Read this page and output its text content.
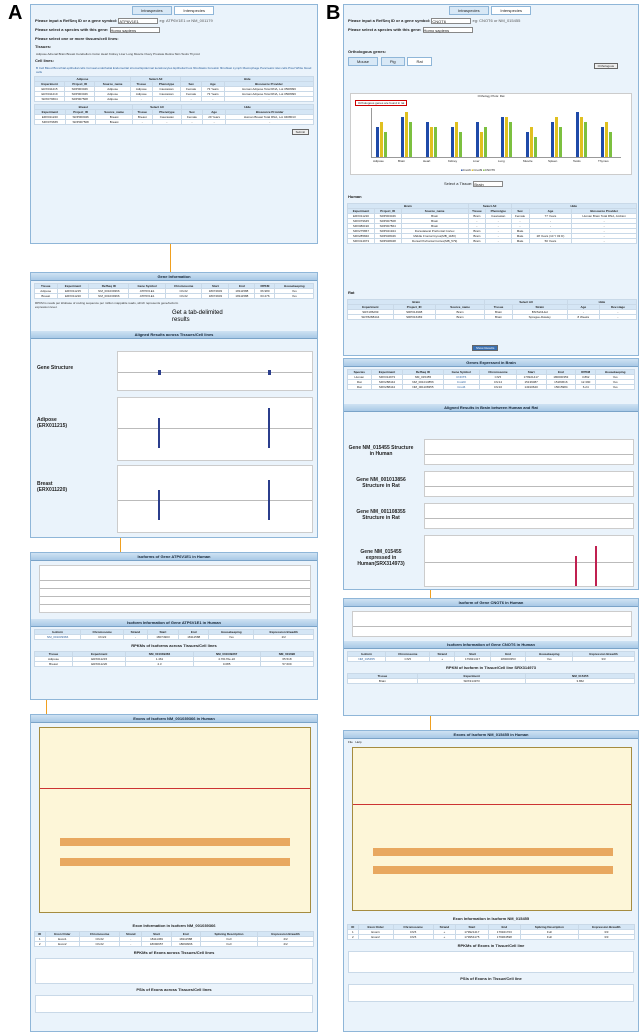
A	B
Intraspecies	Interspecies
Please input a RefSeq ID or a gene symbol: ATP6V1E1	eg: ATP6V1E1 or NM_001179
Please select a species with this gene: Homo sapiens
Please select one or more tissues/cell lines:
Tissues:
Adipose Adrenal Brain Breast Cerebellum Colon Heart Kidney Liver Lung Muscle Ovary Prostate Retina Skin Testis Thyroid
Cell lines:
B Cell Blood Bronchial epithelial cells Corneal endothelial Endometrial stromal Epidermal keratinocytes Epithelial Foot fibroblasts Foreskin fibroblast Lymph Macrophage Pancreatic islet cells Pixel White blood cells
Adipose			Select All		Hide		
Experiment	Project_ID	Source_name	Tissue	Phenotype	Sex	Age	Biosource Provider
ERX011215	SRP003046	Adipose	Adipose	Caucasian	Female	73 Years	Human Adipose Total RNA, Lot 0508096
ERX011219	SRP003046	Adipose	Adipose	Caucasian	Female	73 Years	Human Adipose Total RNA, Lot 0508096
SRX079664	SRP007508	Adipose	-	-	-	-	-
Breast			Select All		Hide		
Experiment	Project_ID	Source_name	Tissue	Phenotype	Sex	Age	Biosource Provider
ERX011220	SRP003046	Breast	Breast	Caucasian	Female	29 Years	Human Breast Total RNA, Lot 0408013
SRX079665	SRP007508	Breast	-	-	-	-	-
Submit
Gene Information
Tissue	Experiment	RefSeq ID	Gene Symbol	Chromosome	Start	End	RPKM	Housekeeping
Adipose	ERX011215	NM_001039366	ATP6V1E1	Chr22	18074903	18111588	66.980	Yes
Breast	ERX011220	NM_001039366	ATP6V1E1	Chr22	18074903	18111588	63.276	Yes
RPKM is reads per kilobase of coding sequence per million mappable reads, which represents gene/isoform expression level.
Aligned Results across Tissues/Cell lines
Gene Structure
Adipose (ERX011215)
Breast (ERX011220)
Get a tab-delimited results
Isoforms of Gene ATP6V1E1 in Human
Isoform Information of Gene ATP6V1E1 in Human
Isoform	Chromosome	Strand	Start	End	Housekeeping	Expression Breadth
NM_001039366	Chr22	-	18074903	18111588	Yes	2/2
RPKMs of Isoforms across Tissues/Cell lines
Tissue	Experiment	NM_001039366	NM_001039367	NM_001696
Adipose	ERX011215	1.461	4.70170e-22	65.518
Breast	ERX011220	4.3	0.085	57.609
Exons of Isoform NM_001039366 in Human
Exon Information in Isoform NM_001039366
ID	Exon Order	Chromosome	Strand	Start	End	Splicing Description	Expression Breadth
1	Exon1	Chr22	-	18111369	18111588	Full	2/2
2	Exon2	Chr22	-	18090957	18090966	Full	2/2
RPKMs of Exons across Tissues/Cell lines
PSIs of Exons across Tissues/Cell lines
Intraspecies	Interspecies
Please input a RefSeq ID or a gene symbol: CNOT6	eg: CNOT6 or NM_015455
Please select a species with this gene: Homo sapiens
Orthologous
Orthologous genes:
Mouse	Pig	Rat
Orthology Plots: Rat
Orthologous genes are found in rat
Adipose	Brain	Heart	Kidney	Liver	Lung	Muscle	Spleen	Testis	Thymus
■Cnot6 ■Cnot6l ■CNOT6
Select a Tissue: Brain
Human
Brain			Select All		Hide		
Experiment	Project_ID	Source_name	Tissue	Phenotype	Sex	Age	Biosource Provider
ERX011220	SRP003046	Brain	Brain	Caucasian	Female	77 Years	Human Brain Total RNA, Ambion
SRX079645	SRP007508	Brain	-	-	-	-	-
SRX080190	SRP007864	Brain	-	-	-	-	-
SRX275867	SRP021924	Dorsolateral Prefrontal Cortex	Brain	-	Male	-	-
SRX285840	SRP028046	Middle Frontal Gyrus(MB_1180)	Brain	-	Male	28 Years (10 Y 03 D)	-
SRX314973	SRP028048	Dorsal Prefrontal Cortex(MB_579)	Brain	-	Male	50 Years	-
Rat
Brain			Select All		Hide	
Experiment	Project_ID	Source_name	Tissue	Strain	Age	Dev.stage
SRX186299	SRP014998	Brain	Brain	BN/SsNHsd	-	-
SRX5288444	SRP016483	Brain	Brain	Sprague-Dawley	8 Weeks	-
Show Results
Genes Expressed in Brain
Species	Experiment	RefSeq ID	Gene Symbol	Chromosome	Start	End	RPKM	Housekeeping
Human	SRX314973	NM_015455	CNOT6	Chr5	179921417	180000353	3.862	Yes
Rat	SRX288444	NM_001013856	Cnot6l	Chr14	15136087	15183616	12.390	Yes
Rat	SRX288444	NM_001108355	Cnot6	Chr10	14910620	15015984	6.24	Yes
Aligned Results in Brain between Human and Rat
Gene NM_015455 Structure in Human
Gene NM_001013856 Structure in Rat
Gene NM_001108355 Structure in Rat
Gene NM_015455 expressed in Human(SRX314973)
Isoform of Gene CNOT6 in Human
Isoform Information of Gene CNOT6 in Human
Isoform	Chromosome	Strand	Start	End	Housekeeping	Expression Breadth
NM_015455	Chr5	+	179921417	180000353	Yes	3/3
RPKM of Isoform in Tissue/Cell line SRX314973
Tissue	Experiment	NM_015455
Brain	SRX314973	3.862
Exons of Isoform NM_015455 in Human
File Help
Exon Information in Isoform NM_015455
ID	Exon Order	Chromosome	Strand	Start	End	Splicing Description	Expression Breadth
1	Exon1	Chr5	+	179921417	179921703	Full	3/3
2	Exon2	Chr5	+	179954175	179964598	Full	3/3
RPKMs of Exons in Tissue/Cell line
PSIs of Exons in Tissue/Cell line
